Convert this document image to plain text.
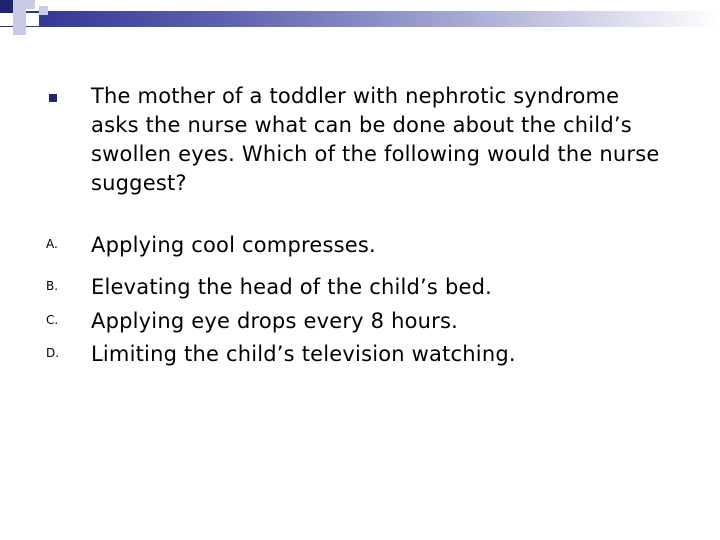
The mother of a toddler with nephrotic syndrome asks the nurse what can be done about the child’s swollen eyes. Which of the following would the nurse suggest?
A.	Applying cool compresses.
B.	Elevating the head of the child’s bed.
C.	Applying eye drops every 8 hours.
D.	Limiting the child’s television watching.
